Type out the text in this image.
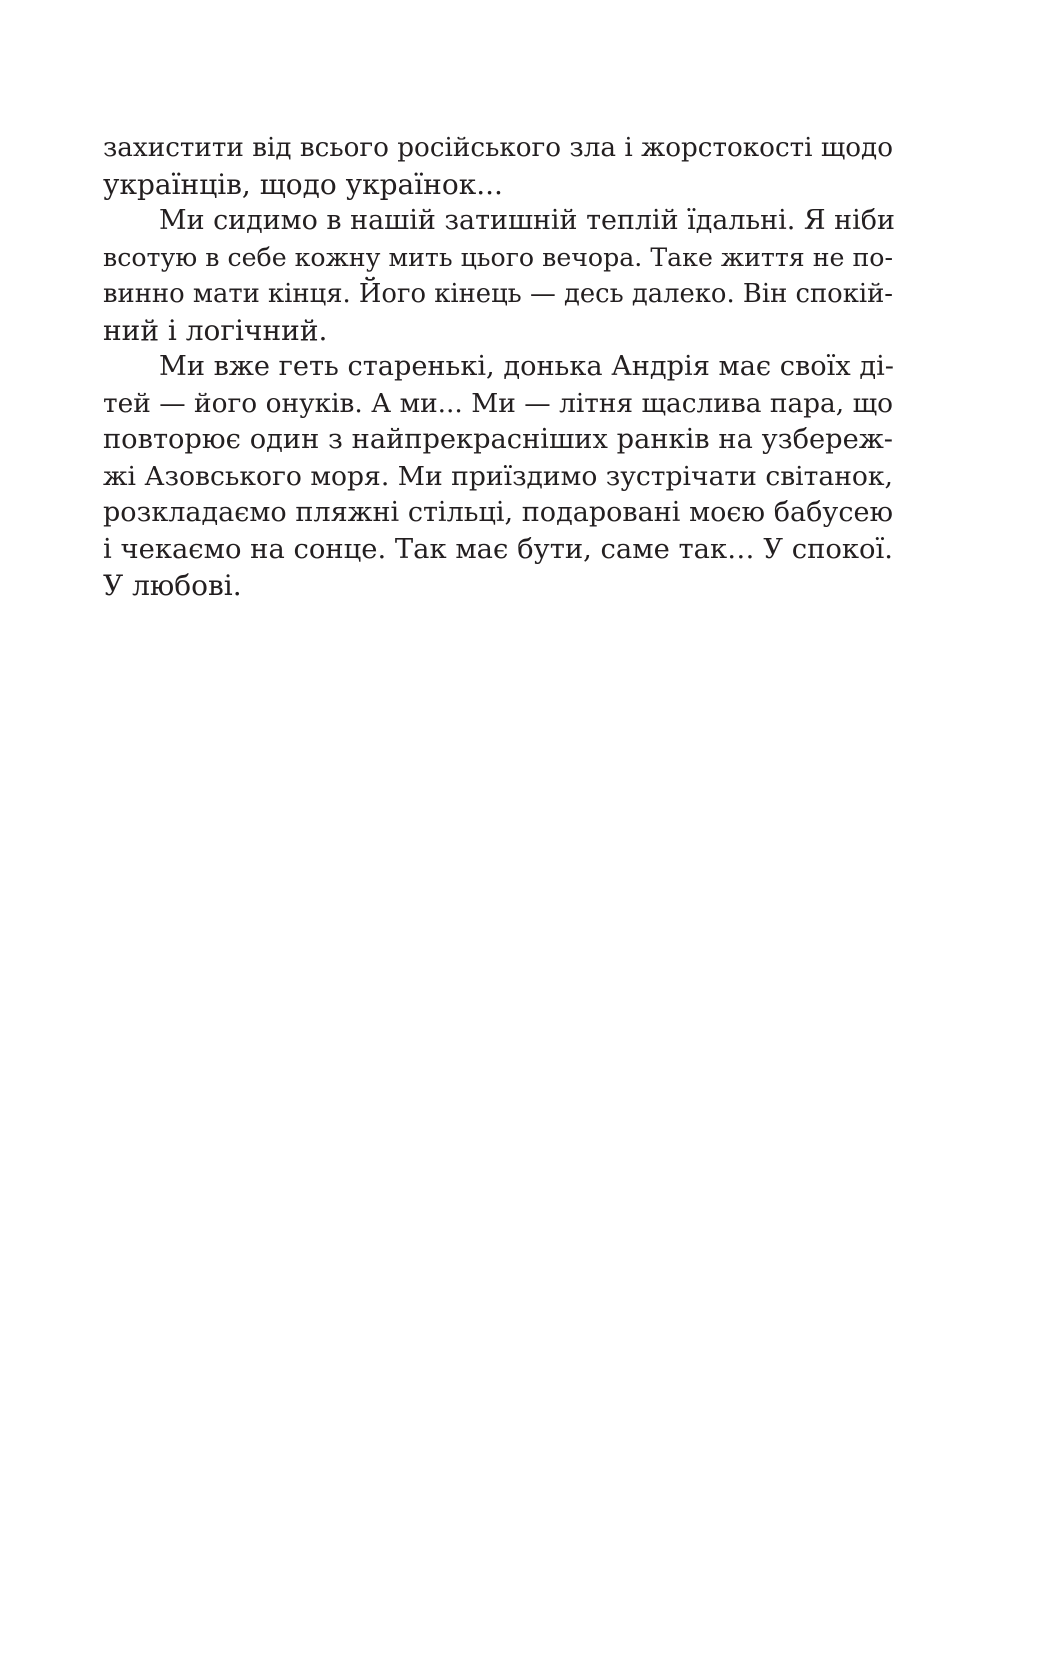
захистити від всього російського зла і жорстокості щодо
українців, щодо українок...

Ми сидимо в нашій затишній теплій їдальні. Я ніби
всотую в себе кожну мить цього вечора. Таке життя не по-
винно мати кінця. Його кінець — десь далеко. Він спокій-
ний і логічний.

Ми вже геть старенькі, донька Андрія має своїх ді-
тей — його онуків. А ми... Ми — літня щаслива пара, що
повторює один з найпрекрасніших ранків на узбереж-
жі Азовського моря. Ми приїздимо зустрічати світанок,
розкладаємо пляжні стільці, подаровані моєю бабусею
і чекаємо на сонце. Так має бути, саме так… У спокої.
У любові.
